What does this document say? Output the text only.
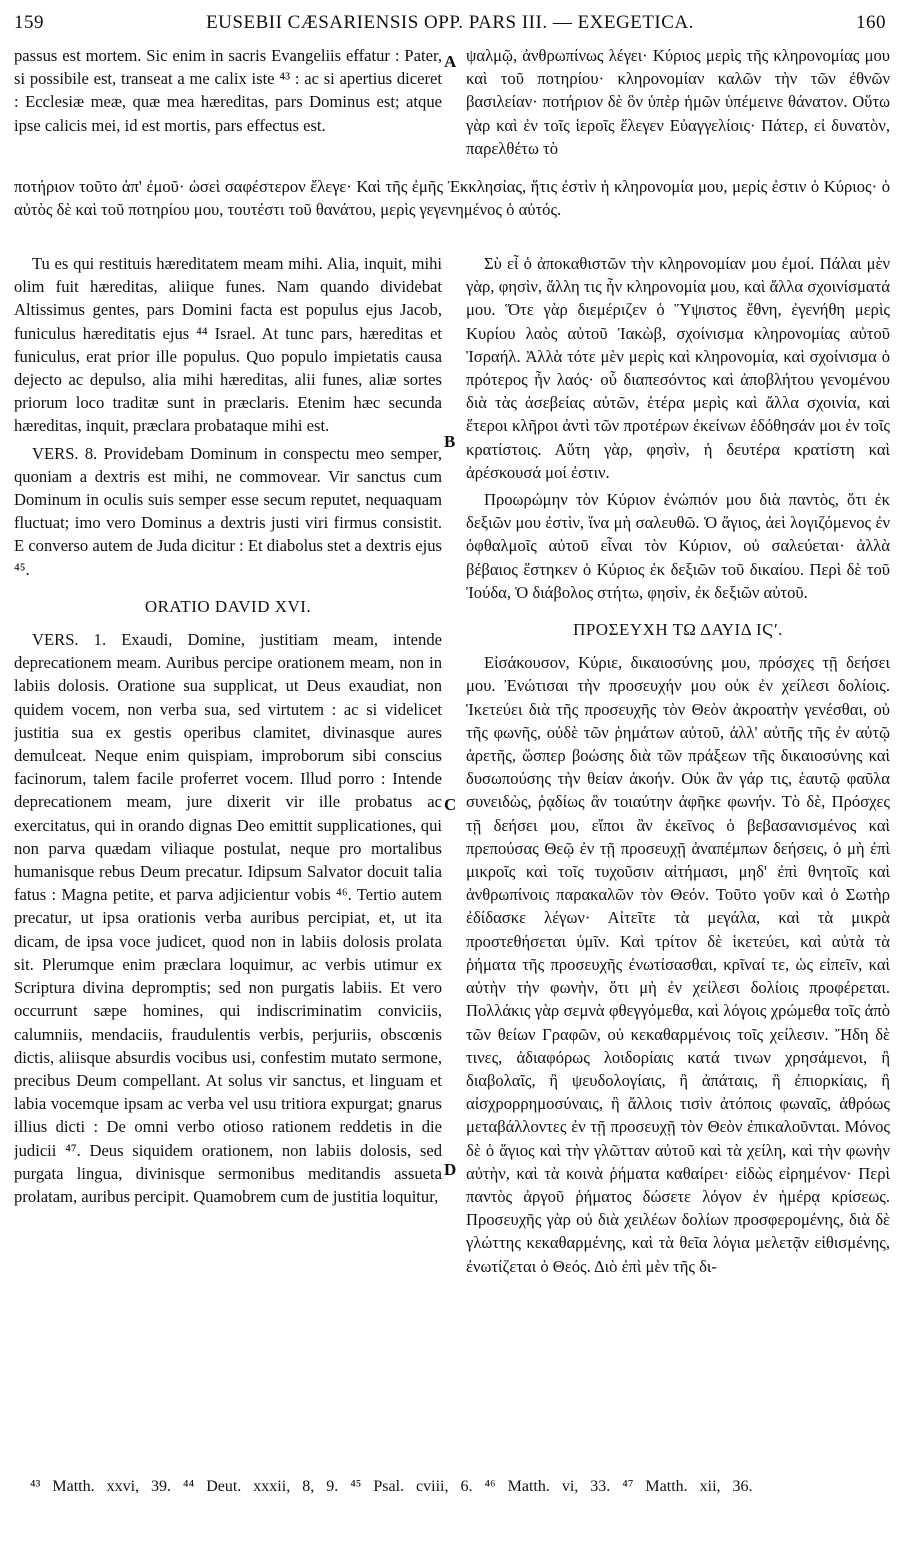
159	EUSEBII CÆSARIENSIS OPP. PARS III. — EXEGETICA.	160
A
B
C
D

passus est mortem. Sic enim in sacris Evangeliis effatur : Pater, si possibile est, transeat a me calix iste ⁴³ : ac si apertius diceret : Ecclesiæ meæ, quæ mea hæreditas, pars Dominus est; atque ipse calicis mei, id est mortis, pars effectus est.

ψαλμῷ, ἀνθρωπίνως λέγει· Κύριος μερὶς τῆς κληρονομίας μου καὶ τοῦ ποτηρίου· κληρονομίαν καλῶν τὴν τῶν ἐθνῶν βασιλείαν· ποτήριον δὲ ὃν ὑπὲρ ἡμῶν ὑπέμεινε θάνατον. Οὕτω γὰρ καὶ ἐν τοῖς ἱεροῖς ἔλεγεν Εὐαγγελίοις· Πάτερ, εἰ δυνατὸν, παρελθέτω τὸ

ποτήριον τοῦτο ἀπ' ἐμοῦ· ὡσεὶ σαφέστερον ἔλεγε· Καὶ τῆς ἐμῆς Ἐκκλησίας, ἥτις ἐστὶν ἡ κληρονομία μου, μερίς ἐστιν ὁ Κύριος· ὁ αὐτὸς δὲ καὶ τοῦ ποτηρίου μου, τουτέστι τοῦ θανάτου, μερὶς γεγενημένος ὁ αὐτός.

Tu es qui restituis hæreditatem meam mihi. Alia, inquit, mihi olim fuit hæreditas, aliique funes. Nam quando dividebat Altissimus gentes, pars Domini facta est populus ejus Jacob, funiculus hæreditatis ejus ⁴⁴ Israel. At tunc pars, hæreditas et funiculus, erat prior ille populus. Quo populo impietatis causa dejecto ac depulso, alia mihi hæreditas, alii funes, aliæ sortes priorum loco traditæ sunt in præclaris. Etenim hæc secunda hæreditas, inquit, præclara probataque mihi est.

VERS. 8. Providebam Dominum in conspectu meo semper, quoniam a dextris est mihi, ne commovear. Vir sanctus cum Dominum in oculis suis semper esse secum reputet, nequaquam fluctuat; imo vero Dominus a dextris justi viri firmus consistit. E converso autem de Juda dicitur : Et diabolus stet a dextris ejus ⁴⁵.

ORATIO DAVID XVI.

VERS. 1. Exaudi, Domine, justitiam meam, intende deprecationem meam. Auribus percipe orationem meam, non in labiis dolosis. Oratione sua supplicat, ut Deus exaudiat, non quidem vocem, non verba sua, sed virtutem : ac si videlicet justitia sua ex gestis operibus clamitet, divinasque aures demulceat. Neque enim quispiam, improborum sibi conscius facinorum, talem facile proferret vocem. Illud porro : Intende deprecationem meam, jure dixerit vir ille probatus ac exercitatus, qui in orando dignas Deo emittit supplicationes, qui non parva quædam viliaque postulat, neque pro mortalibus humanisque rebus Deum precatur. Idipsum Salvator docuit talia fatus : Magna petite, et parva adjicientur vobis ⁴⁶. Tertio autem precatur, ut ipsa orationis verba auribus percipiat, et, ut ita dicam, de ipsa voce judicet, quod non in labiis dolosis prolata sit. Plerumque enim præclara loquimur, ac verbis utimur ex Scriptura divina depromptis; sed non purgatis labiis. Et vero occurrunt sæpe homines, qui indiscriminatim conviciis, calumniis, mendaciis, fraudulentis verbis, perjuriis, obscœnis dictis, aliisque absurdis vocibus usi, confestim mutato sermone, precibus Deum compellant. At solus vir sanctus, et linguam et labia vocemque ipsam ac verba vel usu tritiora expurgat; gnarus illius dicti : De omni verbo otioso rationem reddetis in die judicii ⁴⁷. Deus siquidem orationem, non labiis dolosis, sed purgata lingua, divinisque sermonibus meditandis assueta prolatam, auribus percipit. Quamobrem cum de justitia loquitur,

Σὺ εἶ ὁ ἀποκαθιστῶν τὴν κληρονομίαν μου ἐμοί. Πάλαι μὲν γὰρ, φησὶν, ἄλλη τις ἦν κληρονομία μου, καὶ ἄλλα σχοινίσματά μου. Ὅτε γὰρ διεμέριζεν ὁ Ὕψιστος ἔθνη, ἐγενήθη μερὶς Κυρίου λαὸς αὐτοῦ Ἰακὼβ, σχοίνισμα κληρονομίας αὐτοῦ Ἰσραήλ. Ἀλλὰ τότε μὲν μερὶς καὶ κληρονομία, καὶ σχοίνισμα ὁ πρότερος ἦν λαός· οὗ διαπεσόντος καὶ ἀποβλήτου γενομένου διὰ τὰς ἀσεβείας αὐτῶν, ἑτέρα μερὶς καὶ ἄλλα σχοινία, καὶ ἕτεροι κλῆροι ἀντὶ τῶν προτέρων ἐκείνων ἐδόθησάν μοι ἐν τοῖς κρατίστοις. Αὕτη γὰρ, φησὶν, ἡ δευτέρα κρατίστη καὶ ἀρέσκουσά μοί ἐστιν.

Προωρώμην τὸν Κύριον ἐνώπιόν μου διὰ παντὸς, ὅτι ἐκ δεξιῶν μου ἐστὶν, ἵνα μὴ σαλευθῶ. Ὁ ἅγιος, ἀεὶ λογιζόμενος ἐν ὀφθαλμοῖς αὐτοῦ εἶναι τὸν Κύριον, οὐ σαλεύεται· ἀλλὰ βέβαιος ἕστηκεν ὁ Κύριος ἐκ δεξιῶν τοῦ δικαίου. Περὶ δὲ τοῦ Ἰούδα, Ὁ διάβολος στήτω, φησὶν, ἐκ δεξιῶν αὐτοῦ.

ΠΡΟΣΕΥΧΗ ΤΩ ΔΑΥΙΔ ΙϚʹ.

Εἰσάκουσον, Κύριε, δικαιοσύνης μου, πρόσχες τῇ δεήσει μου. Ἐνώτισαι τὴν προσευχήν μου οὐκ ἐν χείλεσι δολίοις. Ἱκετεύει διὰ τῆς προσευχῆς τὸν Θεὸν ἀκροατὴν γενέσθαι, οὐ τῆς φωνῆς, οὐδὲ τῶν ῥημάτων αὐτοῦ, ἀλλ' αὐτῆς τῆς ἐν αὐτῷ ἀρετῆς, ὥσπερ βοώσης διὰ τῶν πράξεων τῆς δικαιοσύνης καὶ δυσωπούσης τὴν θείαν ἀκοήν. Οὐκ ἂν γάρ τις, ἑαυτῷ φαῦλα συνειδὼς, ῥᾳδίως ἂν τοιαύτην ἀφῆκε φωνήν. Τὸ δὲ, Πρόσχες τῇ δεήσει μου, εἴποι ἂν ἐκεῖνος ὁ βεβασανισμένος καὶ πρεπούσας Θεῷ ἐν τῇ προσευχῇ ἀναπέμπων δεήσεις, ὁ μὴ ἐπὶ μικροῖς καὶ τοῖς τυχοῦσιν αἰτήμασι, μηδ' ἐπὶ θνητοῖς καὶ ἀνθρωπίνοις παρακαλῶν τὸν Θεόν. Τοῦτο γοῦν καὶ ὁ Σωτὴρ ἐδίδασκε λέγων· Αἰτεῖτε τὰ μεγάλα, καὶ τὰ μικρὰ προστεθήσεται ὑμῖν. Καὶ τρίτον δὲ ἱκετεύει, καὶ αὐτὰ τὰ ῥήματα τῆς προσευχῆς ἐνωτίσασθαι, κρῖναί τε, ὡς εἰπεῖν, καὶ αὐτὴν τὴν φωνὴν, ὅτι μὴ ἐν χείλεσι δολίοις προφέρεται. Πολλάκις γὰρ σεμνὰ φθεγγόμεθα, καὶ λόγοις χρώμεθα τοῖς ἀπὸ τῶν θείων Γραφῶν, οὐ κεκαθαρμένοις τοῖς χείλεσιν. Ἤδη δὲ τινες, ἀδιαφόρως λοιδορίαις κατά τινων χρησάμενοι, ἢ διαβολαῖς, ἢ ψευδολογίαις, ἢ ἀπάταις, ἢ ἐπιορκίαις, ἢ αἰσχρορρημοσύναις, ἢ ἄλλοις τισὶν ἀτόποις φωναῖς, ἀθρόως μεταβάλλοντες ἐν τῇ προσευχῇ τὸν Θεὸν ἐπικαλοῦνται. Μόνος δὲ ὁ ἅγιος καὶ τὴν γλῶτταν αὐτοῦ καὶ τὰ χείλη, καὶ τὴν φωνὴν αὐτὴν, καὶ τὰ κοινὰ ῥήματα καθαίρει· εἰδὼς εἰρημένον· Περὶ παντὸς ἀργοῦ ῥήματος δώσετε λόγον ἐν ἡμέρᾳ κρίσεως. Προσευχῆς γὰρ οὐ διὰ χειλέων δολίων προσφερομένης, διὰ δὲ γλώττης κεκαθαρμένης, καὶ τὰ θεῖα λόγια μελετᾷν εἰθισμένης, ἐνωτίζεται ὁ Θεός. Διὸ ἐπὶ μὲν τῆς δι-

⁴³ Matth. xxvi, 39. ⁴⁴ Deut. xxxii, 8, 9. ⁴⁵ Psal. cviii, 6. ⁴⁶ Matth. vi, 33. ⁴⁷ Matth. xii, 36.
